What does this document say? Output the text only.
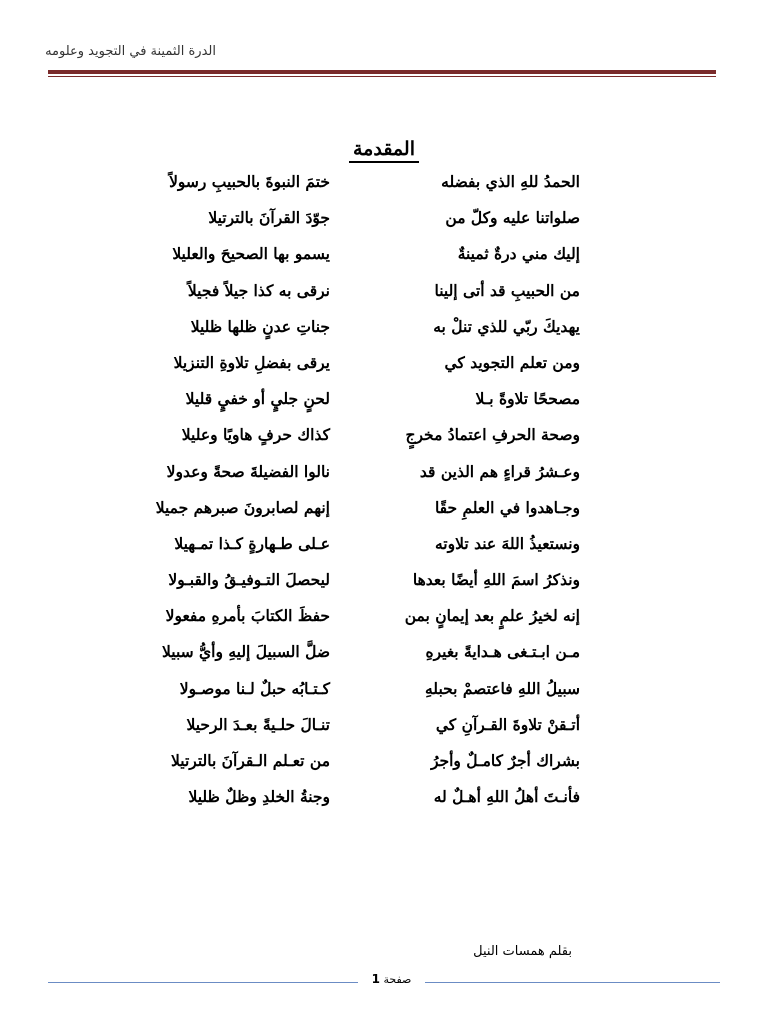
الدرة الثمينة في التجويد وعلومه
المقدمة
الحمدُ للهِ الذي بفضله
ختمَ النبوةَ بالحبيبِ رسولاً
صلواتنا عليه وكلّ من
جوّدَ القرآنَ بالترتيلا
إليك مني درةٌ ثمينةٌ
يسمو بها الصحيحَ والعليلا
من الحبيبِ قد أتى إلينا
نرقى به كذا جيلاً فجيلاً
يهديكَ ربّي للذي تنلْ به
جناتِ عدنٍ ظلها ظليلا
ومن تعلم التجويد كي
يرقى بفضلِ تلاوةِ التنزيلا
مصححًا تلاوةً بـلا
لحنٍ جليٍ أو خفيٍ قليلا
وصحة الحرفِ اعتمادُ مخرجٍ
كذاك حرفٍ هاويًا وعليلا
وعـشرُ قراءٍ هم الذين قد
نالوا الفضيلةَ صحةً وعدولا
وجـاهدوا في العلمِ حقًا
إنهم لصابرونَ صبرهم جميلا
ونستعيذُ اللهَ عند تلاوته
عـلى طـهارةٍ كـذا تمـهيلا
ونذكرُ اسمَ اللهِ أيضًا بعدها
ليحصلَ التـوفيـقُ والقبـولا
إنه لخيرُ علمٍ بعد إيمانٍ بمن
حفظَ الكتابَ بأمرهِ مفعولا
مـن ابـتـغى هـدايةً بغيرهِ
ضلَّ السبيلَ إليهِ وأيُّ سبيلا
سبيلُ اللهِ فاعتصمْ بحبلهِ
كـتـابُه حبلٌ لـنا موصـولا
أتـقنْ تلاوةَ القـرآنِ كي
تنـالَ حلـيةً بعـدَ الرحيلا
بشراك أجرٌ كامـلٌ وأجرُ
من تعـلم الـقرآنَ بالترتيلا
فأنـتَ أهلُ اللهِ أهـلٌ له
وجنةُ الخلدِ وظلٌ ظليلا
بقلم همسات النيل
صفحة 1
